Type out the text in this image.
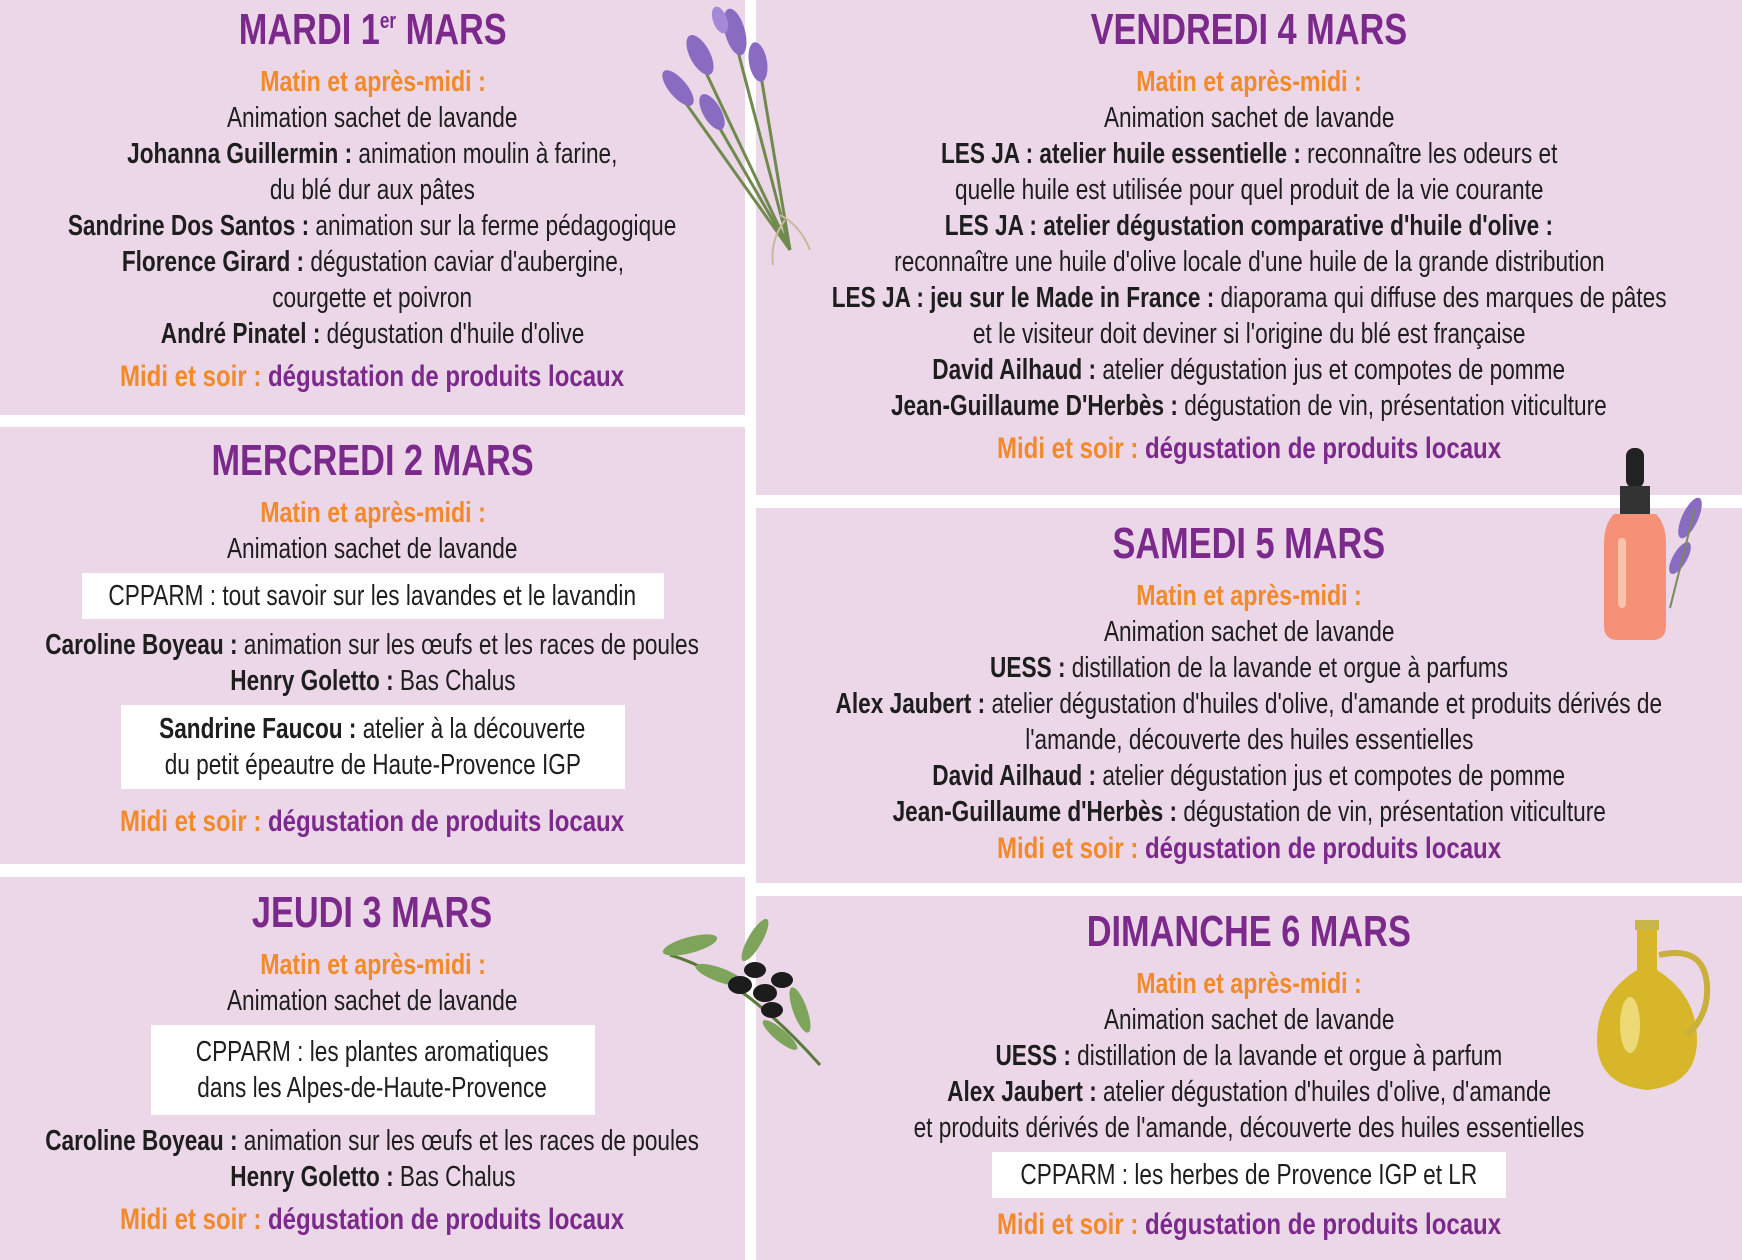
MARDI 1er MARS
Matin et après-midi :
Animation sachet de lavande
Johanna Guillermin : animation moulin à farine,
du blé dur aux pâtes
Sandrine Dos Santos : animation sur la ferme pédagogique
Florence Girard : dégustation caviar d'aubergine,
courgette et poivron
André Pinatel : dégustation d'huile d'olive
Midi et soir : dégustation de produits locaux
MERCREDI 2 MARS
Matin et après-midi :
Animation sachet de lavande
CPPARM : tout savoir sur les lavandes et le lavandin
Caroline Boyeau : animation sur les œufs et les races de poules
Henry Goletto : Bas Chalus
Sandrine Faucou : atelier à la découverte
du petit épeautre de Haute-Provence IGP
Midi et soir : dégustation de produits locaux
JEUDI 3 MARS
Matin et après-midi :
Animation sachet de lavande
CPPARM : les plantes aromatiques
dans les Alpes-de-Haute-Provence
Caroline Boyeau : animation sur les œufs et les races de poules
Henry Goletto : Bas Chalus
Midi et soir : dégustation de produits locaux
VENDREDI 4 MARS
Matin et après-midi :
Animation sachet de lavande
LES JA : atelier huile essentielle : reconnaître les odeurs et
quelle huile est utilisée pour quel produit de la vie courante
LES JA : atelier dégustation comparative d'huile d'olive :
reconnaître une huile d'olive locale d'une huile de la grande distribution
LES JA : jeu sur le Made in France : diaporama qui diffuse des marques de pâtes
et le visiteur doit deviner si l'origine du blé est française
David Ailhaud : atelier dégustation jus et compotes de pomme
Jean-Guillaume D'Herbès : dégustation de vin, présentation viticulture
Midi et soir : dégustation de produits locaux
SAMEDI 5 MARS
Matin et après-midi :
Animation sachet de lavande
UESS : distillation de la lavande et orgue à parfums
Alex Jaubert : atelier dégustation d'huiles d'olive, d'amande et produits dérivés de
l'amande, découverte des huiles essentielles
David Ailhaud : atelier dégustation jus et compotes de pomme
Jean-Guillaume d'Herbès : dégustation de vin, présentation viticulture
Midi et soir : dégustation de produits locaux
DIMANCHE 6 MARS
Matin et après-midi :
Animation sachet de lavande
UESS : distillation de la lavande et orgue à parfum
Alex Jaubert : atelier dégustation d'huiles d'olive, d'amande
et produits dérivés de l'amande, découverte des huiles essentielles
CPPARM : les herbes de Provence IGP et LR
Midi et soir : dégustation de produits locaux
